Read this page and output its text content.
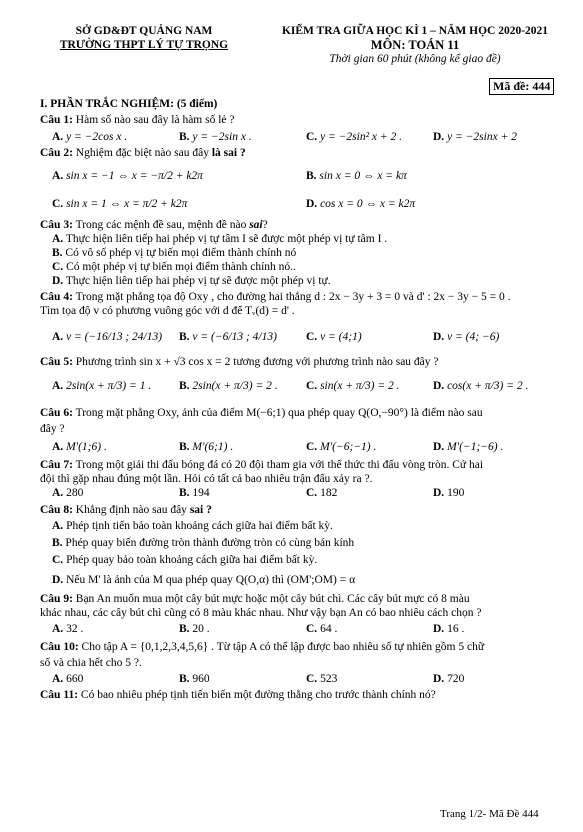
SỞ GD&ĐT QUẢNG NAM
TRƯỜNG THPT LÝ TỰ TRỌNG
KIỂM TRA GIỮA HỌC KÌ 1 – NĂM HỌC 2020-2021
MÔN: TOÁN 11
Thời gian 60 phút (không kể giao đề)
Mã đề: 444
I. PHẦN TRẮC NGHIỆM: (5 điểm)
Câu 1: Hàm số nào sau đây là hàm số lẻ ?
A. y = −2cos x .	B. y = −2sin x .	C. y = −2sin² x + 2 .	D. y = −2sinx + 2
Câu 2: Nghiệm đặc biệt nào sau đây là sai ?
A. sin x = −1 ⇔ x = −π/2 + k2π	B. sin x = 0 ⇔ x = kπ
C. sin x = 1 ⇔ x = π/2 + k2π	D. cos x = 0 ⇔ x = k2π
Câu 3: Trong các mệnh đề sau, mệnh đề nào sai?
A. Thực hiện liên tiếp hai phép vị tự tâm I sẽ được một phép vị tự tâm I .
B. Có vô số phép vị tự biến mọi điểm thành chính nó
C. Có một phép vị tự biến mọi điểm thành chính nó..
D. Thực hiện liên tiếp hai phép vị tự sẽ được một phép vị tự.
Câu 4: Trong mặt phẳng tọa độ Oxy , cho đường hai thẳng d : 2x − 3y + 3 = 0 và d' : 2x − 3y − 5 = 0 .
Tìm tọa độ v có phương vuông góc với d để Tᵥ(d) = d' .
A. v = (−16/13 ; 24/13)	B. v = (−6/13 ; 4/13)	C. v = (4;1)	D. v = (4; −6)
Câu 5: Phương trình sin x + √3 cos x = 2 tương đương với phương trình nào sau đây ?
A. 2sin(x + π/3) = 1 .	B. 2sin(x + π/3) = 2 .	C. sin(x + π/3) = 2 .	D. cos(x + π/3) = 2 .
Câu 6: Trong mặt phẳng Oxy, ảnh của điểm M(−6;1) qua phép quay Q(O,−90°) là điểm nào sau
đây ?
A. M'(1;6) .	B. M'(6;1) .	C. M'(−6;−1) .	D. M'(−1;−6) .
Câu 7: Trong một giải thi đấu bóng đá có 20 đội tham gia với thể thức thi đấu vòng tròn. Cứ hai
đội thì gặp nhau đúng một lần. Hỏi có tất cả bao nhiêu trận đấu xảy ra ?.
A. 280	B. 194	C. 182	D. 190
Câu 8: Khẳng định nào sau đây sai ?
A. Phép tịnh tiến bảo toàn khoảng cách giữa hai điểm bất kỳ.
B. Phép quay biến đường tròn thành đường tròn có cùng bán kính
C. Phép quay bảo toàn khoảng cách giữa hai điểm bất kỳ.
D. Nếu M' là ảnh của M qua phép quay Q(O,α) thì (OM';OM) = α
Câu 9: Bạn An muốn mua một cây bút mực hoặc một cây bút chì. Các cây bút mực có 8 màu
khác nhau, các cây bút chì cũng có 8 màu khác nhau. Như vậy bạn An có bao nhiêu cách chọn ?
A. 32 .	B. 20 .	C. 64 .	D. 16 .
Câu 10: Cho tập A = {0,1,2,3,4,5,6} . Từ tập A có thể lập được bao nhiêu số tự nhiên gồm 5 chữ
số và chia hết cho 5 ?.
A. 660	B. 960	C. 523	D. 720
Câu 11: Có bao nhiêu phép tịnh tiến biến một đường thẳng cho trước thành chính nó?
Trang 1/2- Mã Đề 444
